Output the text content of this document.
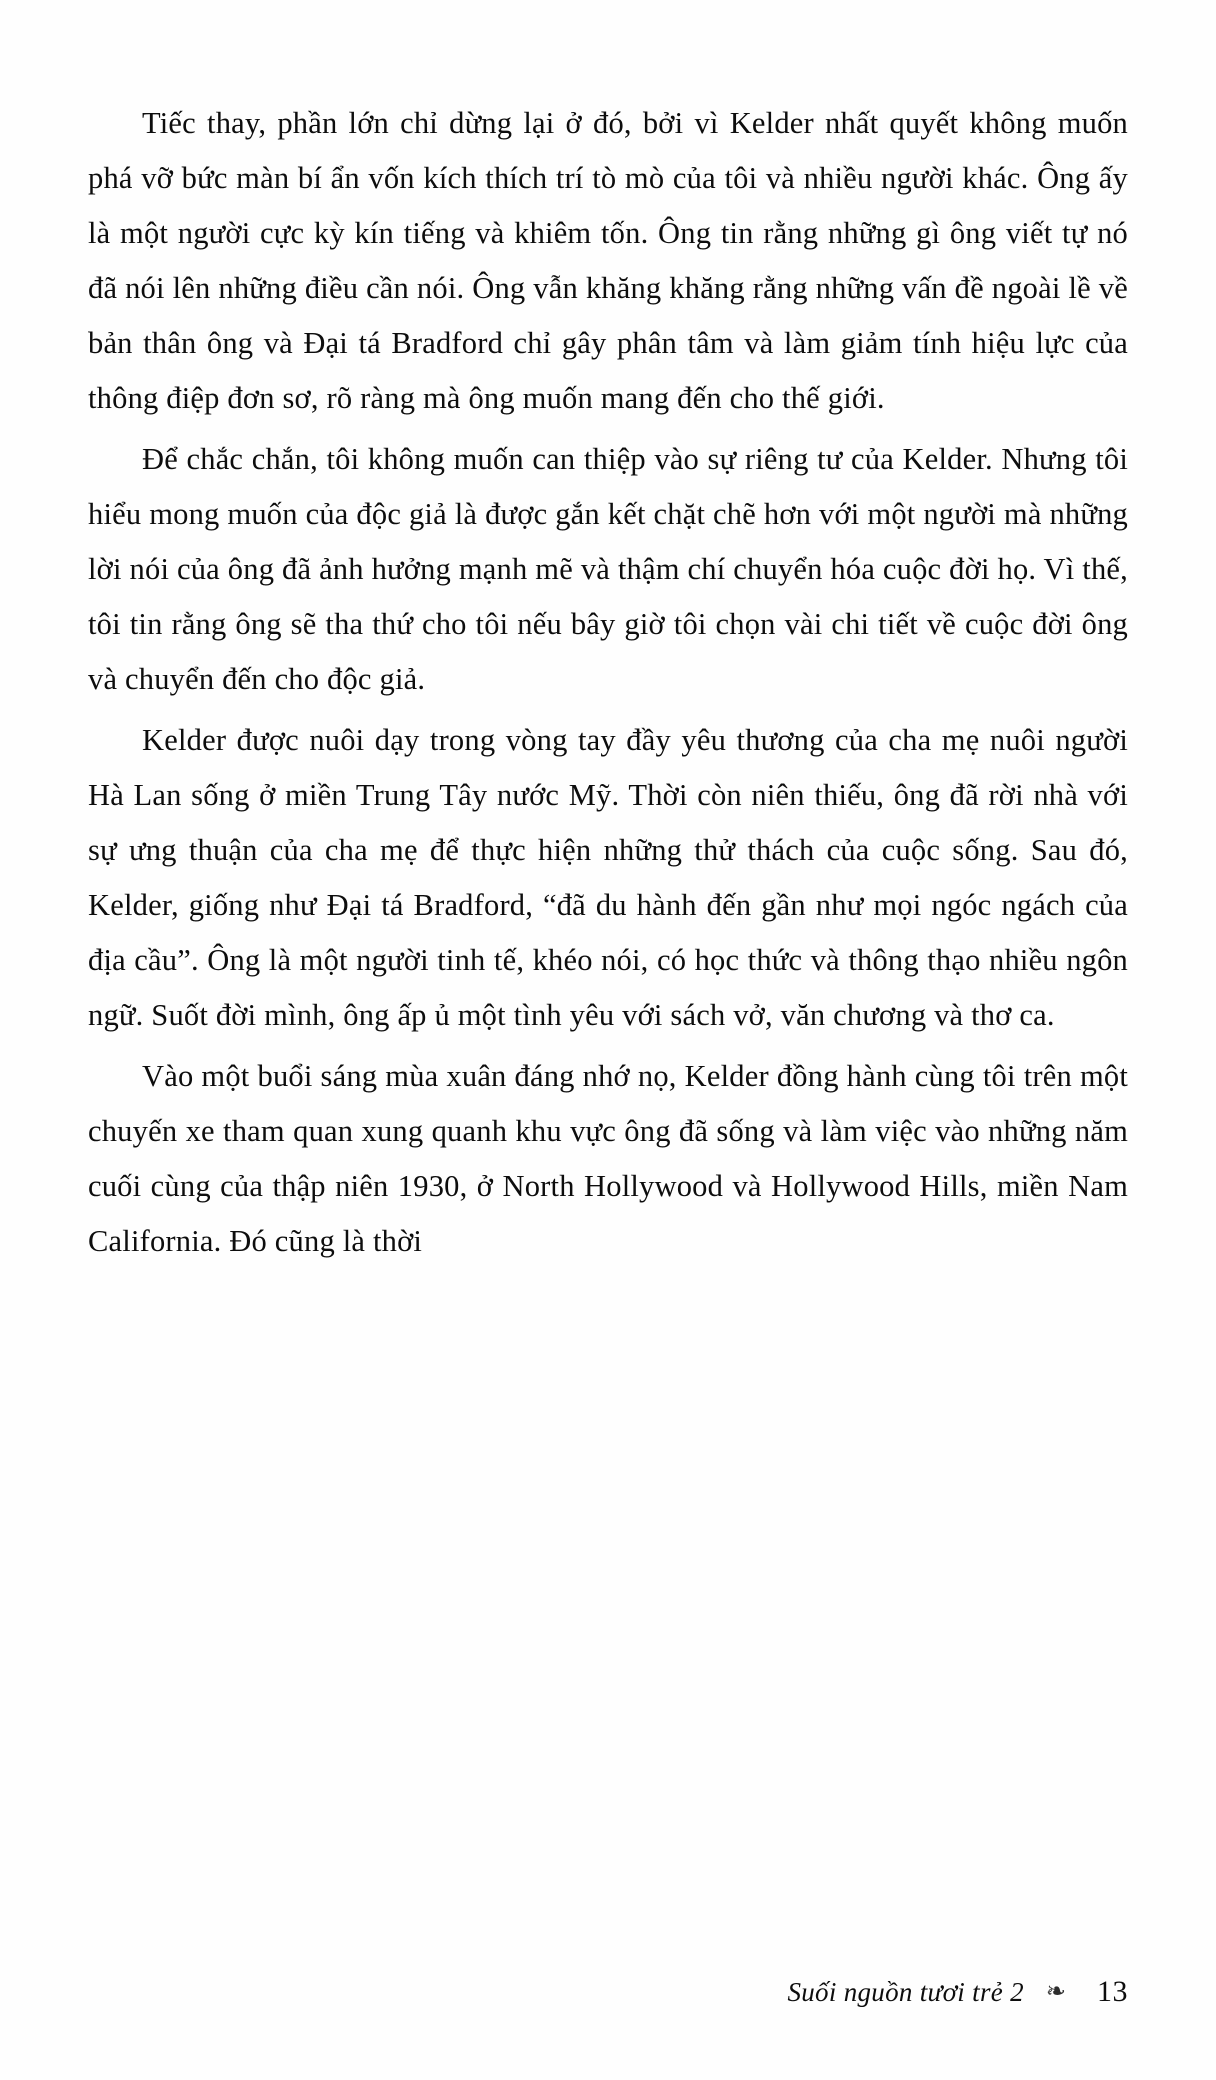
Tiếc thay, phần lớn chỉ dừng lại ở đó, bởi vì Kelder nhất quyết không muốn phá vỡ bức màn bí ẩn vốn kích thích trí tò mò của tôi và nhiều người khác. Ông ấy là một người cực kỳ kín tiếng và khiêm tốn. Ông tin rằng những gì ông viết tự nó đã nói lên những điều cần nói. Ông vẫn khăng khăng rằng những vấn đề ngoài lề về bản thân ông và Đại tá Bradford chỉ gây phân tâm và làm giảm tính hiệu lực của thông điệp đơn sơ, rõ ràng mà ông muốn mang đến cho thế giới.

Để chắc chắn, tôi không muốn can thiệp vào sự riêng tư của Kelder. Nhưng tôi hiểu mong muốn của độc giả là được gắn kết chặt chẽ hơn với một người mà những lời nói của ông đã ảnh hưởng mạnh mẽ và thậm chí chuyển hóa cuộc đời họ. Vì thế, tôi tin rằng ông sẽ tha thứ cho tôi nếu bây giờ tôi chọn vài chi tiết về cuộc đời ông và chuyển đến cho độc giả.

Kelder được nuôi dạy trong vòng tay đầy yêu thương của cha mẹ nuôi người Hà Lan sống ở miền Trung Tây nước Mỹ. Thời còn niên thiếu, ông đã rời nhà với sự ưng thuận của cha mẹ để thực hiện những thử thách của cuộc sống. Sau đó, Kelder, giống như Đại tá Bradford, “đã du hành đến gần như mọi ngóc ngách của địa cầu”. Ông là một người tinh tế, khéo nói, có học thức và thông thạo nhiều ngôn ngữ. Suốt đời mình, ông ấp ủ một tình yêu với sách vở, văn chương và thơ ca.

Vào một buổi sáng mùa xuân đáng nhớ nọ, Kelder đồng hành cùng tôi trên một chuyến xe tham quan xung quanh khu vực ông đã sống và làm việc vào những năm cuối cùng của thập niên 1930, ở North Hollywood và Hollywood Hills, miền Nam California. Đó cũng là thời

Suối nguồn tươi trẻ 2 ❧	13
